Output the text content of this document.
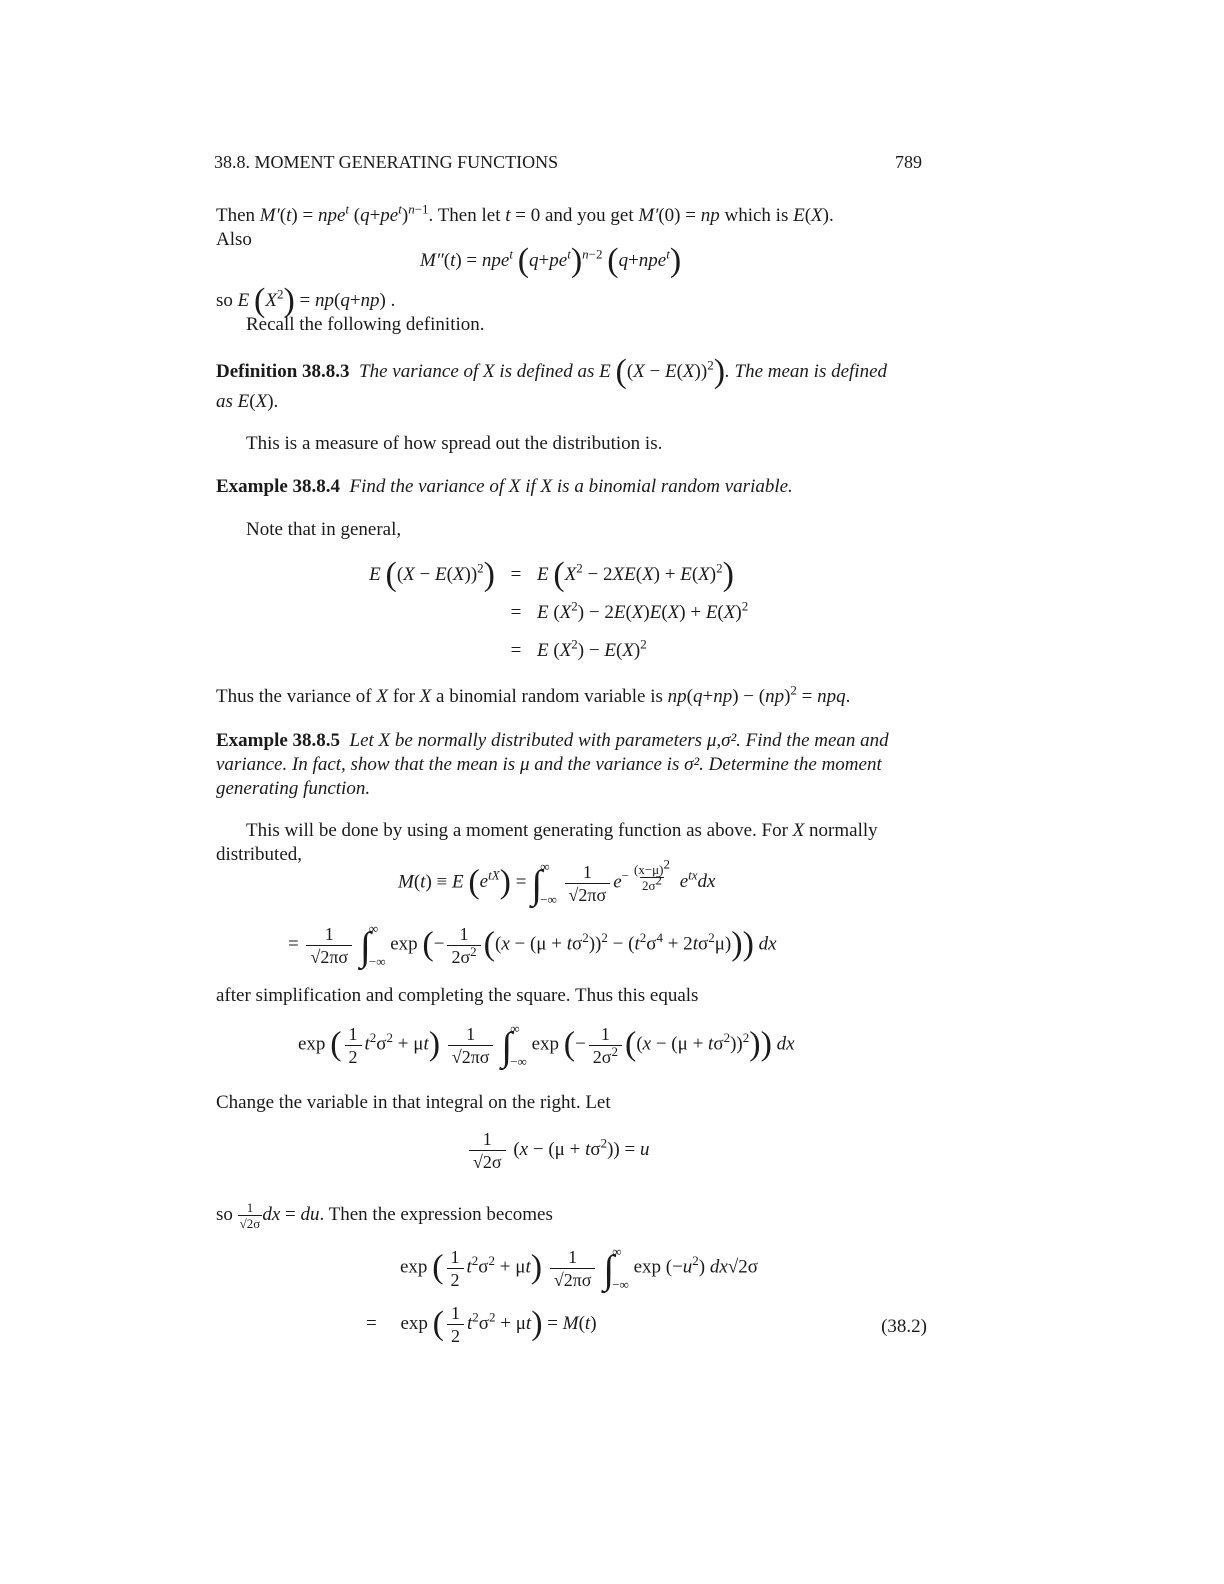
38.8. MOMENT GENERATING FUNCTIONS	789
Then M′(t) = npe$^t$ $(q+pe^t)^{n-1}$. Then let t = 0 and you get M′(0) = np which is E(X).
Also
M″(t) = npe$^t$ $(q+pe^t)^{n-2}$ (q+npe$^t$)
so E $(X^2) = np(q+np)$ .
Recall the following definition.
Definition 38.8.3 The variance of X is defined as E $((X - E(X))^2)$. The mean is defined
as E(X).
This is a measure of how spread out the distribution is.
Example 38.8.4 Find the variance of X if X is a binomial random variable.
Note that in general,
E $((X - E(X))^2) = E$ $(X^2 - 2XE(X) + E(X)^2)$
= E $(X^2) - 2E(X)E(X) + E(X)^2$
= E $(X^2) - E(X)^2$
Thus the variance of X for X a binomial random variable is np(q+np) − (np)$^2$ = npq.
Example 38.8.5 Let X be normally distributed with parameters μ,σ². Find the mean and
variance. In fact, show that the mean is μ and the variance is σ². Determine the moment
generating function.
This will be done by using a moment generating function as above. For X normally
distributed,
M(t) ≡ E $(e^{tX})$ = ∫
∞
−∞
$\frac{1}{√2\pi\sigma} e^{- \frac{(x-\mu)^2}{2\sigma^2}}$ $e^{tx}dx$
= $\frac{1}{√2\pi\sigma}$ ∫
∞
−∞
exp (− $\frac{1}{2\sigma^2} ((x - (\mu + t\sigma^2))^2 - (t^2\sigma^4 + 2t\sigma^2\mu))$) dx
after simplification and completing the square. Thus this equals
exp ( $\frac{1}{2} t^2\sigma^2 + \mu t) \frac{1}{√2\pi\sigma}$ ∫
∞
−∞
exp (− $\frac{1}{2\sigma^2} ((x - (\mu + t\sigma^2))^2)$) dx
Change the variable in that integral on the right. Let
$\frac{1}{√2\sigma} (x - (\mu + t\sigma^2)) = u$
so $\frac{1}{√2\sigma}$ dx = du. Then the expression becomes
exp ( $\frac{1}{2} t^2\sigma^2 + \mu t) \frac{1}{√2\pi\sigma}$ ∫
∞
−∞
$\exp (-u^2)$ dx√2σ
=     exp ( $\frac{1}{2} t^2\sigma^2 + \mu t) = M(t)$	(38.2)
